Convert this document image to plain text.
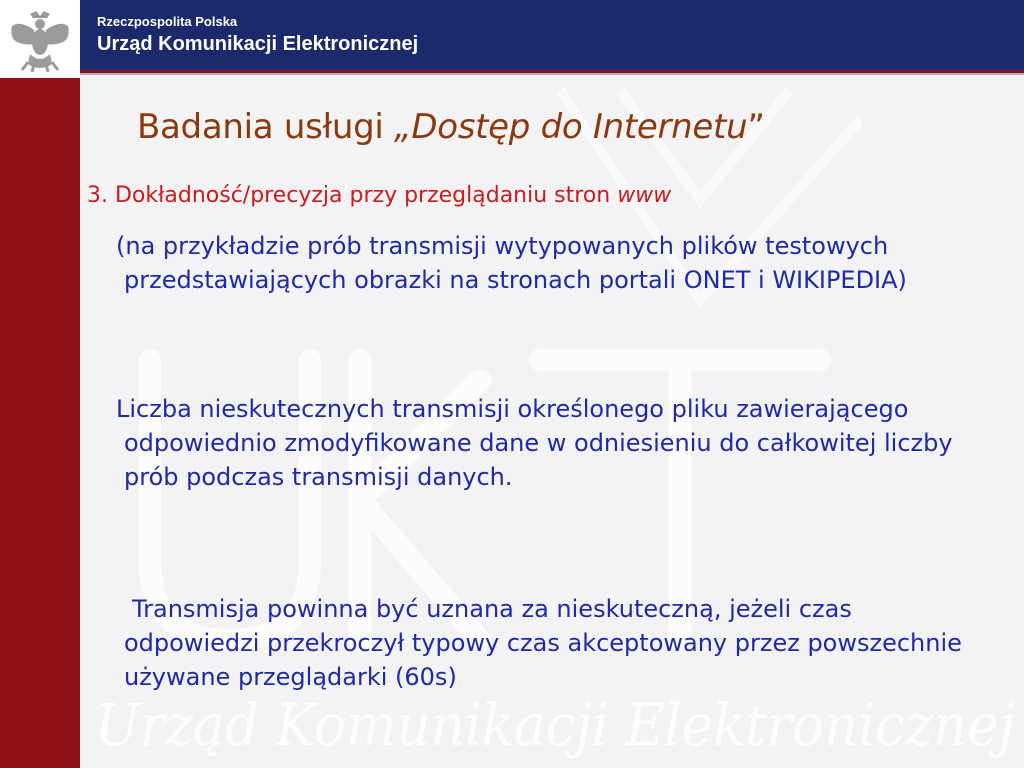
Urząd Komunikacji Elektronicznej
Rzeczpospolita Polska
Urząd Komunikacji Elektronicznej
Badania usługi „Dostęp do Internetu”
3. Dokładność/precyzja przy przeglądaniu stron www
(na przykładzie prób transmisji wytypowanych plików testowych przedstawiających obrazki na stronach portali ONET i WIKIPEDIA)
Liczba nieskutecznych transmisji określonego pliku zawierającego odpowiednio zmodyfikowane dane w odniesieniu do całkowitej liczby prób podczas transmisji danych.
Transmisja powinna być uznana za nieskuteczną, jeżeli czas odpowiedzi przekroczył typowy czas akceptowany przez powszechnie używane przeglądarki (60s)
